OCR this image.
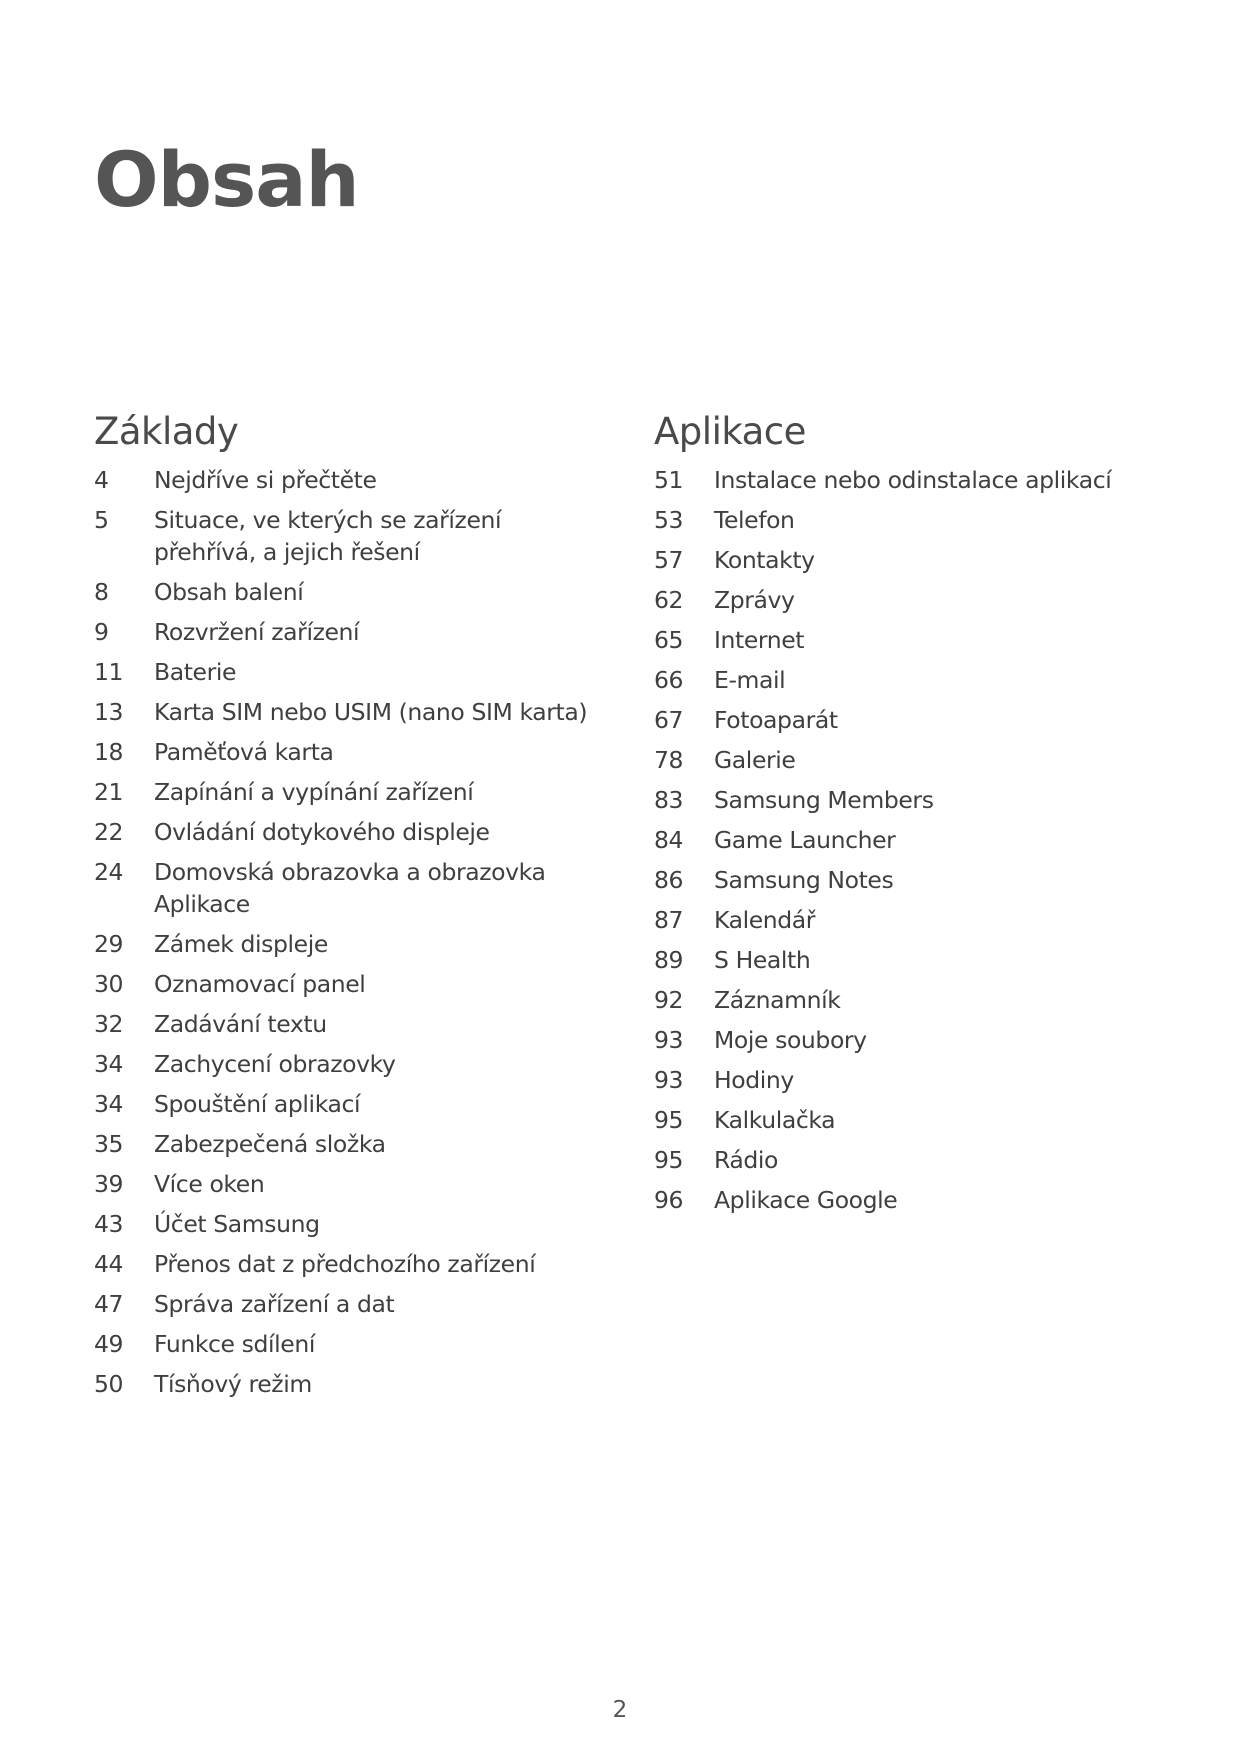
Obsah
Základy
4	Nejdříve si přečtěte
5	Situace, ve kterých se zařízení přehřívá, a jejich řešení
8	Obsah balení
9	Rozvržení zařízení
11	Baterie
13	Karta SIM nebo USIM (nano SIM karta)
18	Paměťová karta
21	Zapínání a vypínání zařízení
22	Ovládání dotykového displeje
24	Domovská obrazovka a obrazovka Aplikace
29	Zámek displeje
30	Oznamovací panel
32	Zadávání textu
34	Zachycení obrazovky
34	Spouštění aplikací
35	Zabezpečená složka
39	Více oken
43	Účet Samsung
44	Přenos dat z předchozího zařízení
47	Správa zařízení a dat
49	Funkce sdílení
50	Tísňový režim
Aplikace
51	Instalace nebo odinstalace aplikací
53	Telefon
57	Kontakty
62	Zprávy
65	Internet
66	E-mail
67	Fotoaparát
78	Galerie
83	Samsung Members
84	Game Launcher
86	Samsung Notes
87	Kalendář
89	S Health
92	Záznamník
93	Moje soubory
93	Hodiny
95	Kalkulačka
95	Rádio
96	Aplikace Google
2
